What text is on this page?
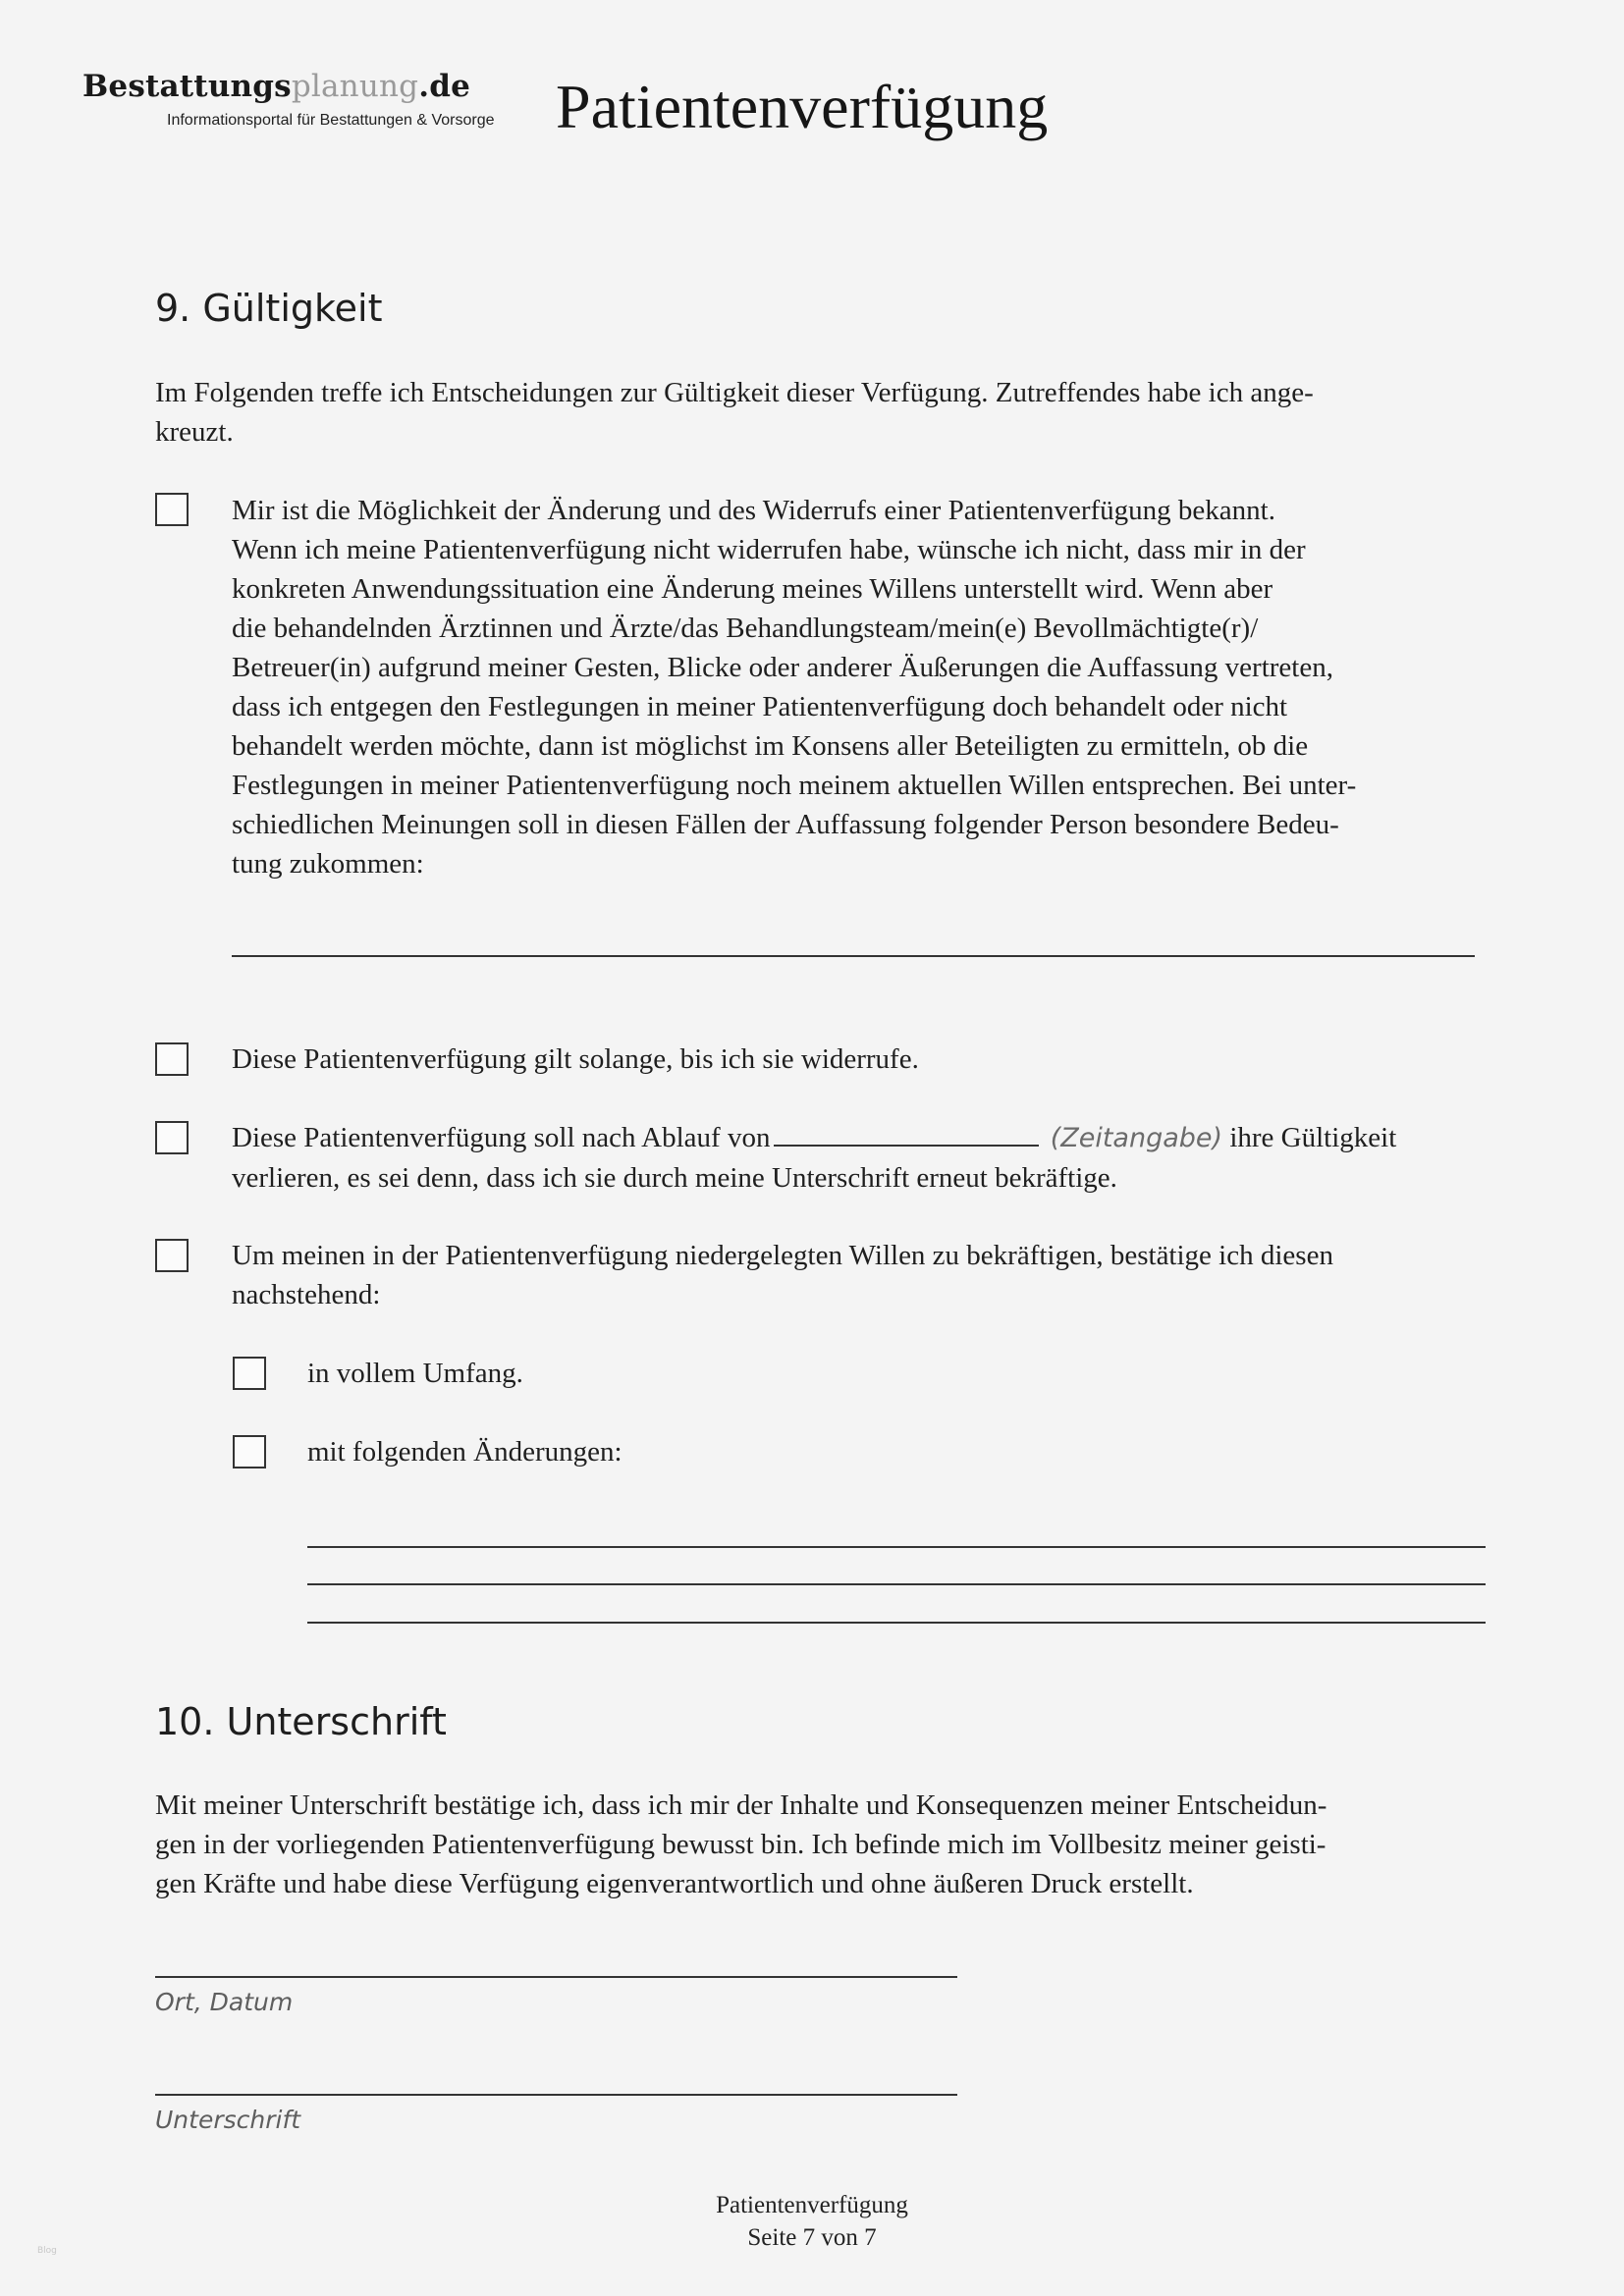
Bestattungsplanung.de
Informationsportal für Bestattungen & Vorsorge Patientenverfügung
9. Gültigkeit
Im Folgenden treffe ich Entscheidungen zur Gültigkeit dieser Verfügung. Zutreffendes habe ich ange-
kreuzt.
Mir ist die Möglichkeit der Änderung und des Widerrufs einer Patientenverfügung bekannt.
Wenn ich meine Patientenverfügung nicht widerrufen habe, wünsche ich nicht, dass mir in der
konkreten Anwendungssituation eine Änderung meines Willens unterstellt wird. Wenn aber
die behandelnden Ärztinnen und Ärzte/das Behandlungsteam/mein(e) Bevollmächtigte(r)/
Betreuer(in) aufgrund meiner Gesten, Blicke oder anderer Äußerungen die Auffassung vertreten,
dass ich entgegen den Festlegungen in meiner Patientenverfügung doch behandelt oder nicht
behandelt werden möchte, dann ist möglichst im Konsens aller Beteiligten zu ermitteln, ob die
Festlegungen in meiner Patientenverfügung noch meinem aktuellen Willen entsprechen. Bei unter-
schiedlichen Meinungen soll in diesen Fällen der Auffassung folgender Person besondere Bedeu-
tung zukommen:
Diese Patientenverfügung gilt solange, bis ich sie widerrufe.
Diese Patientenverfügung soll nach Ablauf von	(Zeitangabe) ihre Gültigkeit
verlieren, es sei denn, dass ich sie durch meine Unterschrift erneut bekräftige.
Um meinen in der Patientenverfügung niedergelegten Willen zu bekräftigen, bestätige ich diesen
nachstehend:
in vollem Umfang.
mit folgenden Änderungen:
10. Unterschrift
Mit meiner Unterschrift bestätige ich, dass ich mir der Inhalte und Konsequenzen meiner Entscheidun-
gen in der vorliegenden Patientenverfügung bewusst bin. Ich befinde mich im Vollbesitz meiner geisti-
gen Kräfte und habe diese Verfügung eigenverantwortlich und ohne äußeren Druck erstellt.
Ort, Datum
Unterschrift
Patientenverfügung
Seite 7 von 7
Blog
